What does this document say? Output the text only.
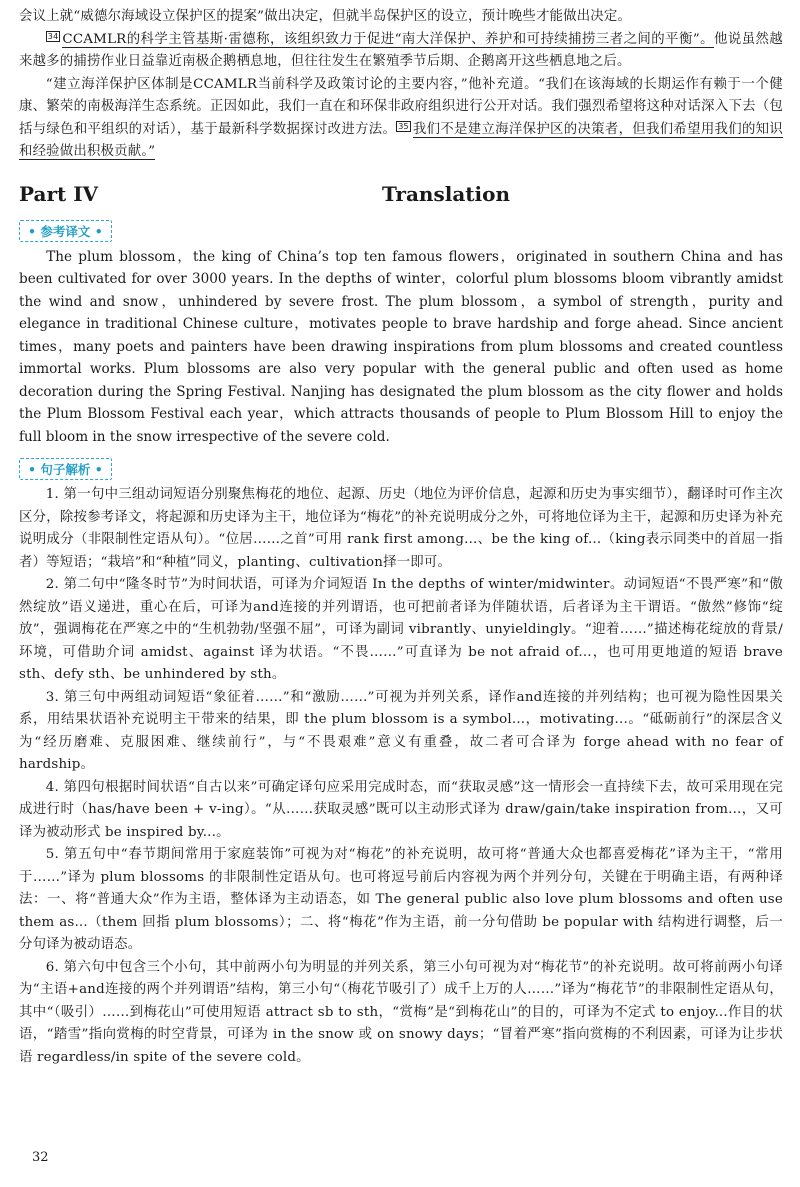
会议上就“威德尔海域设立保护区的提案”做出决定，但就半岛保护区的设立，预计晚些才能做出决定。

34 CCAMLR的科学主管基斯·雷德称，该组织致力于促进“南大洋保护、养护和可持续捕捞三者之间的平衡”。他说虽然越来越多的捕捞作业日益靠近南极企鹅栖息地，但往往发生在繁殖季节后期、企鹅离开这些栖息地之后。

“建立海洋保护区体制是CCAMLR当前科学及政策讨论的主要内容，”他补充道。“我们在该海域的长期运作有赖于一个健康、繁荣的南极海洋生态系统。正因如此，我们一直在和环保非政府组织进行公开对话。我们强烈希望将这种对话深入下去（包括与绿色和平组织的对话），基于最新科学数据探讨改进方法。 35 我们不是建立海洋保护区的决策者，但我们希望用我们的知识和经验做出积极贡献。”

Part IV	Translation
• 参考译文 •

The plum blossom，the king of China’s top ten famous flowers，originated in southern China and has been cultivated for over 3000 years. In the depths of winter，colorful plum blossoms bloom vibrantly amidst the wind and snow，unhindered by severe frost. The plum blossom，a symbol of strength，purity and elegance in traditional Chinese culture，motivates people to brave hardship and forge ahead. Since ancient times，many poets and painters have been drawing inspirations from plum blossoms and created countless immortal works. Plum blossoms are also very popular with the general public and often used as home decoration during the Spring Festival. Nanjing has designated the plum blossom as the city flower and holds the Plum Blossom Festival each year，which attracts thousands of people to Plum Blossom Hill to enjoy the full bloom in the snow irrespective of the severe cold.

• 句子解析 •

1. 第一句中三组动词短语分别聚焦梅花的地位、起源、历史（地位为评价信息，起源和历史为事实细节），翻译时可作主次区分，除按参考译文，将起源和历史译为主干，地位译为“梅花”的补充说明成分之外，可将地位译为主干，起源和历史译为补充说明成分（非限制性定语从句）。“位居……之首”可用 rank first among...、be the king of...（king表示同类中的首屈一指者）等短语；“栽培”和“种植”同义，planting、cultivation择一即可。

2. 第二句中“隆冬时节”为时间状语，可译为介词短语 In the depths of winter/midwinter。动词短语“不畏严寒”和“傲然绽放”语义递进，重心在后，可译为and连接的并列谓语，也可把前者译为伴随状语，后者译为主干谓语。“傲然”修饰“绽放”，强调梅花在严寒之中的“生机勃勃/坚强不屈”，可译为副词 vibrantly、unyieldingly。“迎着……”描述梅花绽放的背景/环境，可借助介词 amidst、against 译为状语。“不畏……”可直译为 be not afraid of...，也可用更地道的短语 brave sth、defy sth、be unhindered by sth。

3. 第三句中两组动词短语“象征着……”和“激励……”可视为并列关系，译作and连接的并列结构；也可视为隐性因果关系，用结果状语补充说明主干带来的结果，即 the plum blossom is a symbol...，motivating...。“砥砺前行”的深层含义为“经历磨难、克服困难、继续前行”，与“不畏艰难”意义有重叠，故二者可合译为 forge ahead with no fear of hardship。

4. 第四句根据时间状语“自古以来”可确定译句应采用完成时态，而“获取灵感”这一情形会一直持续下去，故可采用现在完成进行时（has/have been + v-ing）。“从……获取灵感”既可以主动形式译为 draw/gain/take inspiration from...，又可译为被动形式 be inspired by...。

5. 第五句中“春节期间常用于家庭装饰”可视为对“梅花”的补充说明，故可将“普通大众也都喜爱梅花”译为主干，“常用于……”译为 plum blossoms 的非限制性定语从句。也可将逗号前后内容视为两个并列分句，关键在于明确主语，有两种译法：一、将“普通大众”作为主语，整体译为主动语态，如 The general public also love plum blossoms and often use them as...（them 回指 plum blossoms）；二、将“梅花”作为主语，前一分句借助 be popular with 结构进行调整，后一分句译为被动语态。

6. 第六句中包含三个小句，其中前两小句为明显的并列关系，第三小句可视为对“梅花节”的补充说明。故可将前两小句译为“主语+and连接的两个并列谓语”结构，第三小句“（梅花节吸引了）成千上万的人……”译为“梅花节”的非限制性定语从句，其中“（吸引）……到梅花山”可使用短语 attract sb to sth，“赏梅”是“到梅花山”的目的，可译为不定式 to enjoy...作目的状语，“踏雪”指向赏梅的时空背景，可译为 in the snow 或 on snowy days；“冒着严寒”指向赏梅的不利因素，可译为让步状语 regardless/in spite of the severe cold。

32
